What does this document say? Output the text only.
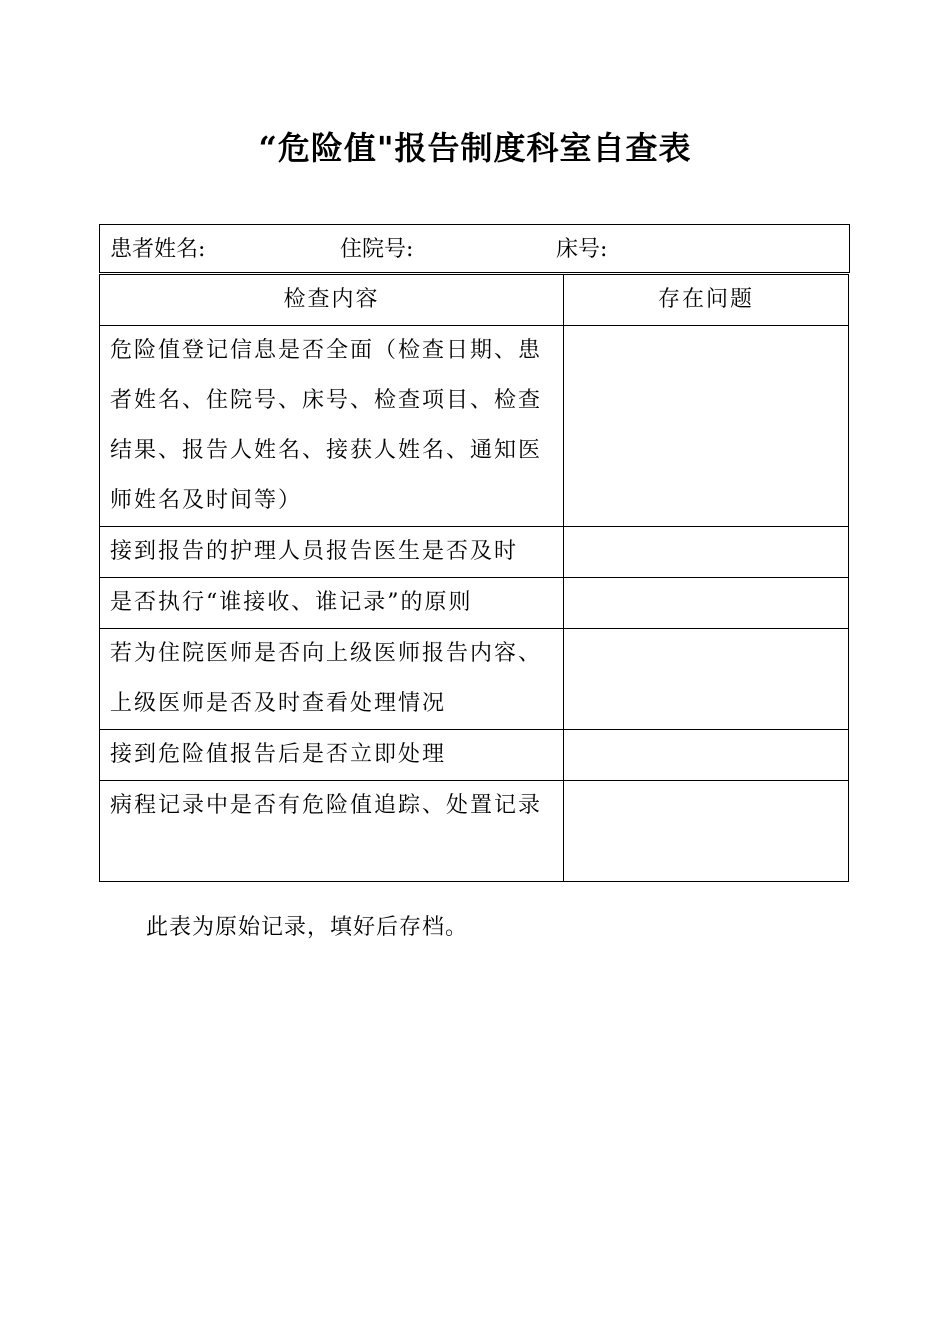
“危险值"报告制度科室自查表
患者姓名:	住院号:	床号:
检查内容	存在问题
危险值登记信息是否全面（检查日期、患者姓名、住院号、床号、检查项目、检查结果、报告人姓名、接获人姓名、通知医师姓名及时间等）	
接到报告的护理人员报告医生是否及时	
是否执行“谁接收、谁记录”的原则	
若为住院医师是否向上级医师报告内容、上级医师是否及时查看处理情况	
接到危险值报告后是否立即处理	
病程记录中是否有危险值追踪、处置记录	
此表为原始记录，填好后存档。
